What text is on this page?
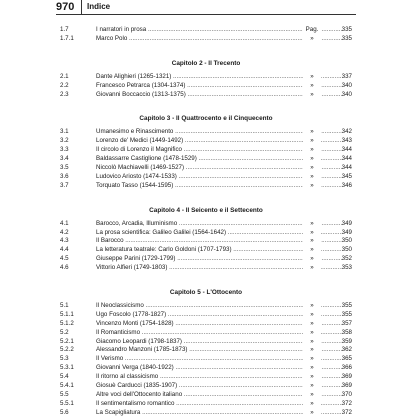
970 Indice
1.7	I narratori in prosa .....	Pag.	335
1.7.1	Marco Polo .....	»	335
Capitolo 2 - Il Trecento
2.1	Dante Alighieri (1265-1321) .....	»	337
2.2	Francesco Petrarca (1304-1374) .....	»	340
2.3	Giovanni Boccaccio (1313-1375) .....	»	340
Capitolo 3 - Il Quattrocento e il Cinquecento
3.1	Umanesimo e Rinascimento .....	»	342
3.2	Lorenzo de' Medici (1449-1492) .....	»	343
3.3	Il circolo di Lorenzo il Magnifico .....	»	344
3.4	Baldassarre Castiglione (1478-1529) .....	»	344
3.5	Niccolò Machiavelli (1469-1527) .....	»	344
3.6	Ludovico Ariosto (1474-1533) .....	»	345
3.7	Torquato Tasso (1544-1595) .....	»	346
Capitolo 4 - Il Seicento e il Settecento
4.1	Barocco, Arcadia, Illuminismo .....	»	349
4.2	La prosa scientifica: Galileo Galilei (1564-1642) .....	»	349
4.3	Il Barocco .....	»	350
4.4	La letteratura teatrale: Carlo Goldoni (1707-1793) .....	»	350
4.5	Giuseppe Parini (1729-1799) .....	»	352
4.6	Vittorio Alfieri (1749-1803) .....	»	353
Capitolo 5 - L'Ottocento
5.1	Il Neoclassicismo .....	»	355
5.1.1	Ugo Foscolo (1778-1827) .....	»	355
5.1.2	Vincenzo Monti (1754-1828) .....	»	357
5.2	Il Romanticismo .....	»	358
5.2.1	Giacomo Leopardi (1798-1837) .....	»	359
5.2.2	Alessandro Manzoni (1785-1873) .....	»	362
5.3	Il Verismo .....	»	365
5.3.1	Giovanni Verga (1840-1922) .....	»	366
5.4	Il ritorno al classicismo .....	»	369
5.4.1	Giosuè Carducci (1835-1907) .....	»	369
5.5	Altre voci dell'Ottocento italiano .....	»	370
5.5.1	Il sentimentalismo romantico .....	»	372
5.6	La Scapigliatura .....	»	372
